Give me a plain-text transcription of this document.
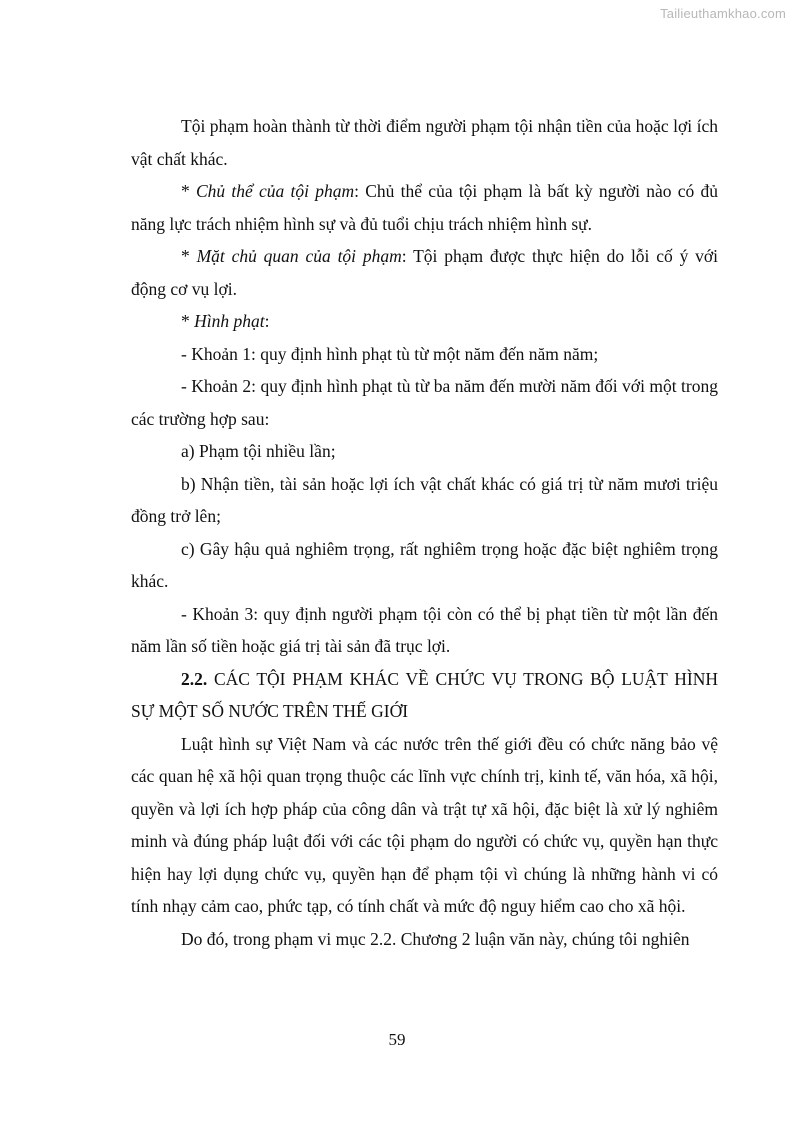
Tailieuthamkhao.com

Tội phạm hoàn thành từ thời điểm người phạm tội nhận tiền của hoặc lợi ích vật chất khác.

* Chủ thể của tội phạm: Chủ thể của tội phạm là bất kỳ người nào có đủ năng lực trách nhiệm hình sự và đủ tuổi chịu trách nhiệm hình sự.

* Mặt chủ quan của tội phạm: Tội phạm được thực hiện do lỗi cố ý với động cơ vụ lợi.

* Hình phạt:

- Khoản 1: quy định hình phạt tù từ một năm đến năm năm;

- Khoản 2: quy định hình phạt tù từ ba năm đến mười năm đối với một trong các trường hợp sau:

a) Phạm tội nhiều lần;

b) Nhận tiền, tài sản hoặc lợi ích vật chất khác có giá trị từ năm mươi triệu đồng trở lên;

c) Gây hậu quả nghiêm trọng, rất nghiêm trọng hoặc đặc biệt nghiêm trọng khác.

- Khoản 3: quy định người phạm tội còn có thể bị phạt tiền từ một lần đến năm lần số tiền hoặc giá trị tài sản đã trục lợi.

2.2. CÁC TỘI PHẠM KHÁC VỀ CHỨC VỤ TRONG BỘ LUẬT HÌNH SỰ MỘT SỐ NƯỚC TRÊN THẾ GIỚI

Luật hình sự Việt Nam và các nước trên thế giới đều có chức năng bảo vệ các quan hệ xã hội quan trọng thuộc các lĩnh vực chính trị, kinh tế, văn hóa, xã hội, quyền và lợi ích hợp pháp của công dân và trật tự xã hội, đặc biệt là xử lý nghiêm minh và đúng pháp luật đối với các tội phạm do người có chức vụ, quyền hạn thực hiện hay lợi dụng chức vụ, quyền hạn để phạm tội vì chúng là những hành vi có tính nhạy cảm cao, phức tạp, có tính chất và mức độ nguy hiểm cao cho xã hội.

Do đó, trong phạm vi mục 2.2. Chương 2 luận văn này, chúng tôi nghiên

59
